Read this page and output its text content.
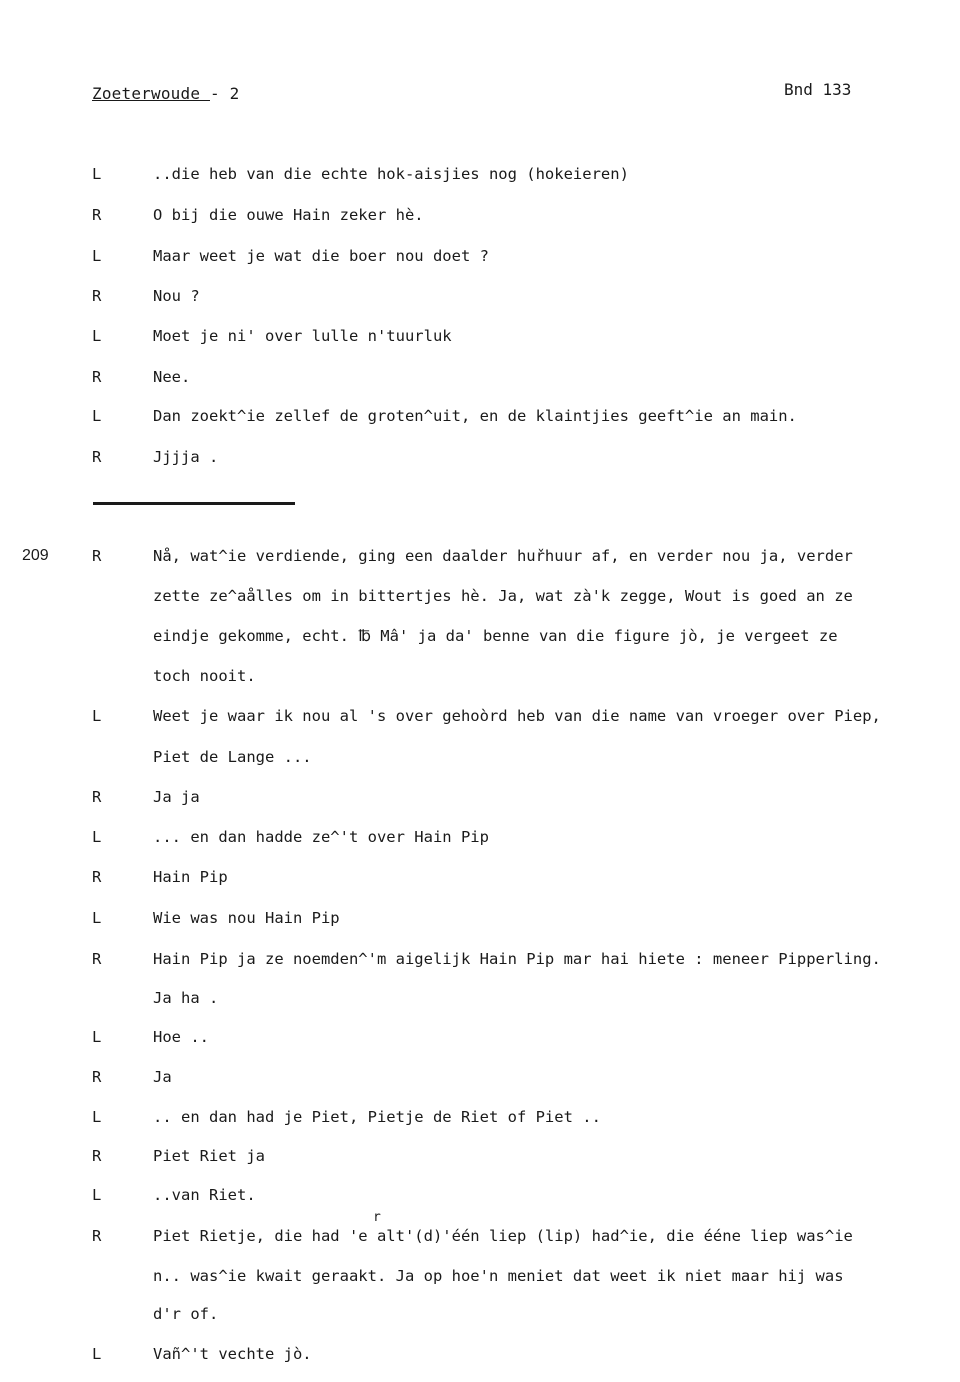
Zoeterwoude - 2	Bnd 133
L	..die heb van die echte hok-aisjies nog (hokeieren)
R	O bij die ouwe Hain zeker hè.
L	Maar weet je wat die boer nou doet ?
R	Nou ?
L	Moet je ni' over lulle n'tuurluk
R	Nee.
L	Dan zoekt^ie zellef de groten^uit, en de klaintjies geeft^ie an main.
R	Jjjja .
209	R	Nå, wat^ie verdiende, ging een daalder huřhuur af, en verder nou ja, verder
zette ze^aålles om in bittertjes hè. Ja, wat zà'k zegge, Wout is goed an ze
eindje gekomme, echt. ℔ Mâ' ja da' benne van die figure jò, je vergeet ze
toch nooit.
L	Weet je waar ik nou al 's over gehoòrd heb van die name van vroeger over Piep,
Piet de Lange ...
R	Ja ja
L	... en dan hadde ze^'t over Hain Pip
R	Hain Pip
L	Wie was nou Hain Pip
R	Hain Pip ja ze noemden^'m aigelijk Hain Pip mar hai hiete : meneer Pipperling.
Ja ha .
L	Hoe ..
R	Ja
L	.. en dan had je Piet, Pietje de Riet of Piet ..
R	Piet Riet ja
L	..van Riet.
r
R	Piet Rietje, die had 'e alt'(d)'één liep (lip) had^ie, die ééne liep was^ie
n.. was^ie kwait geraakt. Ja op hoe'n meniet dat weet ik niet maar hij was
d'r of.
L	Vañ^'t vechte jò.
